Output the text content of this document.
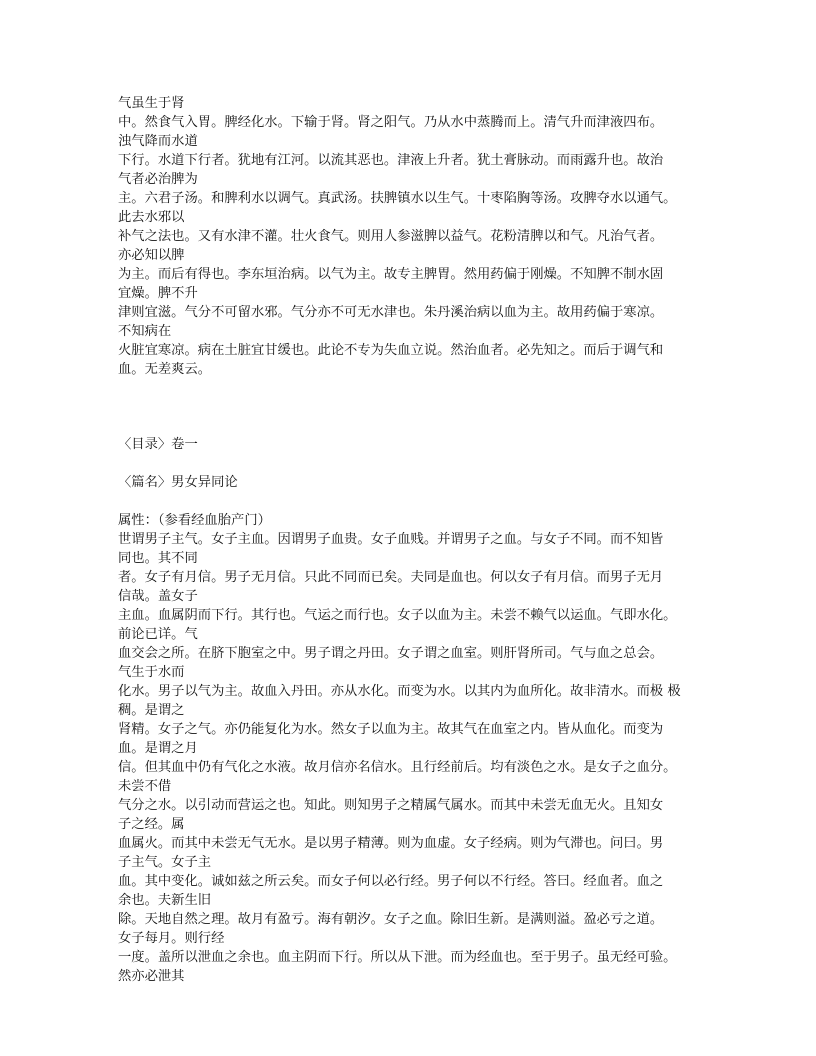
气虽生于肾
中。然食气入胃。脾经化水。下输于肾。肾之阳气。乃从水中蒸腾而上。清气升而津液四布。
浊气降而水道
下行。水道下行者。犹地有江河。以流其恶也。津液上升者。犹土膏脉动。而雨露升也。故治
气者必治脾为
主。六君子汤。和脾利水以调气。真武汤。扶脾镇水以生气。十枣陷胸等汤。攻脾夺水以通气。
此去水邪以
补气之法也。又有水津不灌。壮火食气。则用人参滋脾以益气。花粉清脾以和气。凡治气者。
亦必知以脾
为主。而后有得也。李东垣治病。以气为主。故专主脾胃。然用药偏于刚燥。不知脾不制水固
宜燥。脾不升
津则宜滋。气分不可留水邪。气分亦不可无水津也。朱丹溪治病以血为主。故用药偏于寒凉。
不知病在
火脏宜寒凉。病在土脏宜甘缓也。此论不专为失血立说。然治血者。必先知之。而后于调气和
血。无差爽云。
〈目录〉卷一
〈篇名〉男女异同论
属性：（参看经血胎产门）
世谓男子主气。女子主血。因谓男子血贵。女子血贱。并谓男子之血。与女子不同。而不知皆
同也。其不同
者。女子有月信。男子无月信。只此不同而已矣。夫同是血也。何以女子有月信。而男子无月
信哉。盖女子
主血。血属阴而下行。其行也。气运之而行也。女子以血为主。未尝不赖气以运血。气即水化。
前论已详。气
血交会之所。在脐下胞室之中。男子谓之丹田。女子谓之血室。则肝肾所司。气与血之总会。
气生于水而
化水。男子以气为主。故血入丹田。亦从水化。而变为水。以其内为血所化。故非清水。而极 极
稠。是谓之
肾精。女子之气。亦仍能复化为水。然女子以血为主。故其气在血室之内。皆从血化。而变为
血。是谓之月
信。但其血中仍有气化之水液。故月信亦名信水。且行经前后。均有淡色之水。是女子之血分。
未尝不借
气分之水。以引动而营运之也。知此。则知男子之精属气属水。而其中未尝无血无火。且知女
子之经。属
血属火。而其中未尝无气无水。是以男子精薄。则为血虚。女子经病。则为气滞也。问曰。男
子主气。女子主
血。其中变化。诚如兹之所云矣。而女子何以必行经。男子何以不行经。答曰。经血者。血之
余也。夫新生旧
除。天地自然之理。故月有盈亏。海有朝汐。女子之血。除旧生新。是满则溢。盈必亏之道。
女子每月。则行经
一度。盖所以泄血之余也。血主阴而下行。所以从下泄。而为经血也。至于男子。虽无经可验。
然亦必泄其
